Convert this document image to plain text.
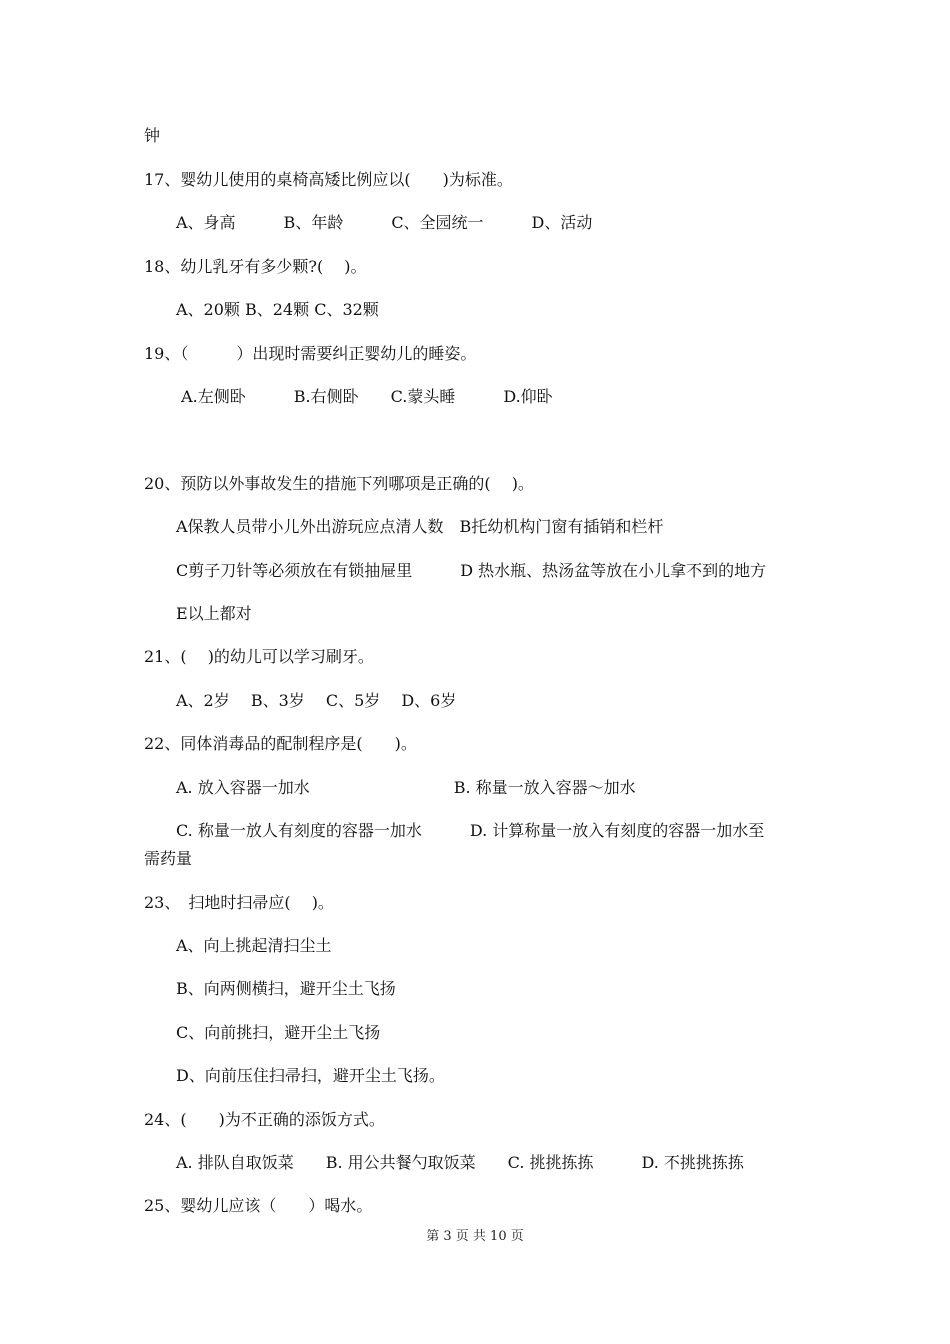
钟

17、婴幼儿使用的桌椅高矮比例应以(　　)为标准。

A、身高　　　B、年龄　　　C、全园统一　　　D、活动

18、幼儿乳牙有多少颗?(　 )。

A、20颗 B、24颗 C、32颗

19、（　　　）出现时需要纠正婴幼儿的睡姿。

A.左侧卧　　　B.右侧卧　　C.蒙头睡　　　D.仰卧

20、预防以外事故发生的措施下列哪项是正确的(　 )。

A保教人员带小儿外出游玩应点清人数　B托幼机构门窗有插销和栏杆

C剪子刀针等必须放在有锁抽屉里　　　D 热水瓶、热汤盆等放在小儿拿不到的地方

E以上都对

21、(　 )的幼儿可以学习刷牙。

A、2岁　 B、3岁　 C、5岁　 D、6岁

22、同体消毒品的配制程序是(　　)。

A. 放入容器一加水　　　　　　　　　B. 称量一放入容器～加水

C. 称量一放人有刻度的容器一加水　　　D. 计算称量一放入有刻度的容器一加水至

需药量

23、　扫地时扫帚应(　 )。

A、向上挑起清扫尘土

B、向两侧横扫，避开尘土飞扬

C、向前挑扫，避开尘土飞扬

D、向前压住扫帚扫，避开尘土飞扬。

24、(　　)为不正确的添饭方式。

A. 排队自取饭菜　　B. 用公共餐勺取饭菜　　C. 挑挑拣拣　　　D. 不挑挑拣拣

25、婴幼儿应该（　　）喝水。

第 3 页 共 10 页
